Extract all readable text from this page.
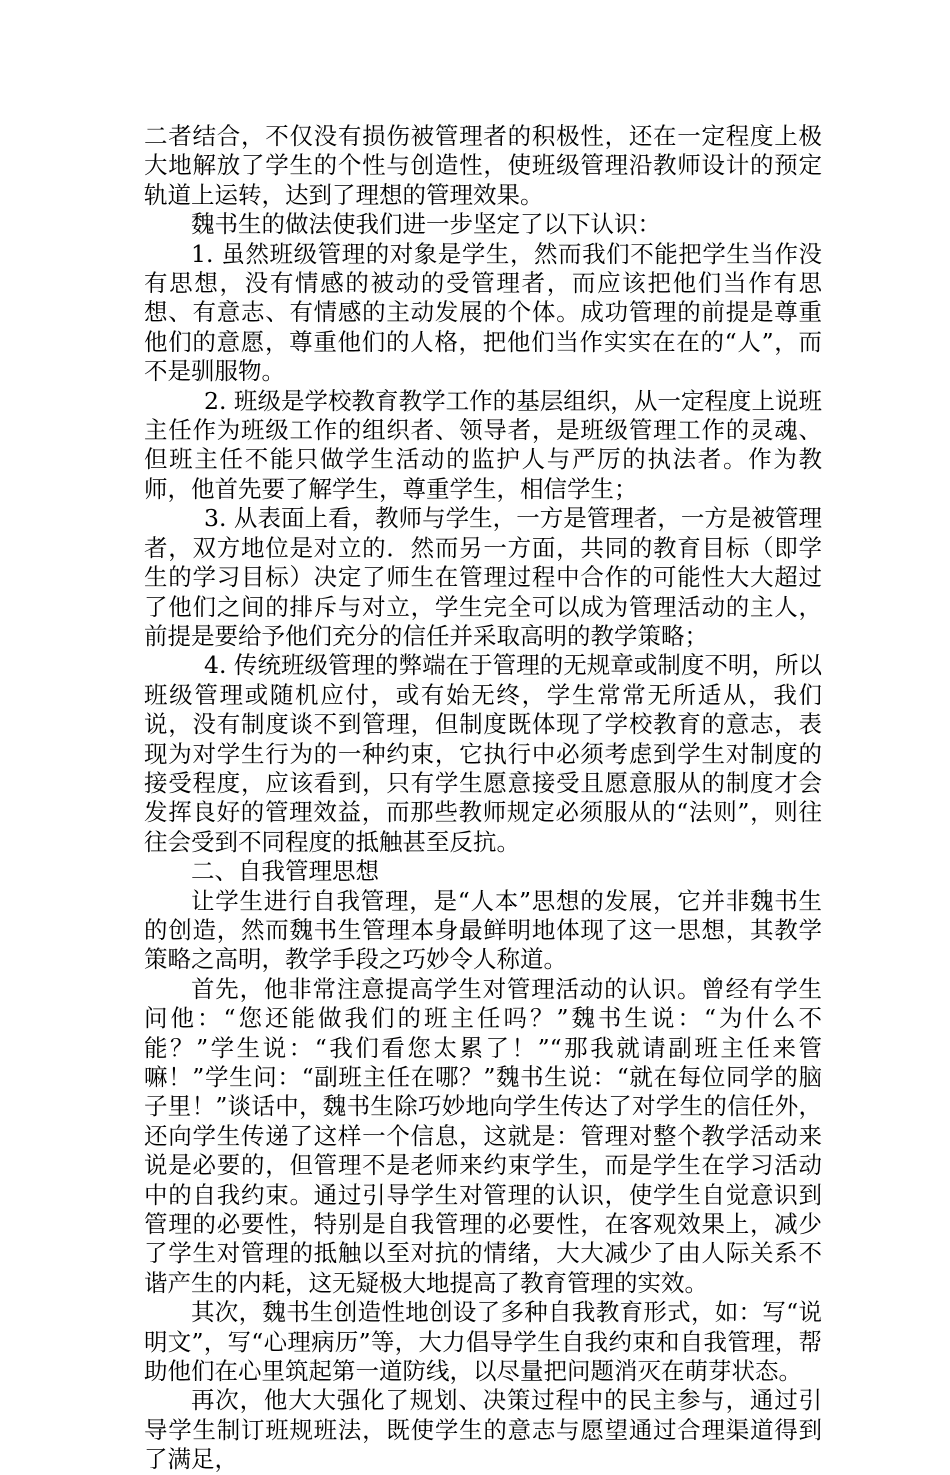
二者结合，不仅没有损伤被管理者的积极性，还在一定程度上极大地解放了学生的个性与创造性，使班级管理沿教师设计的预定轨道上运转，达到了理想的管理效果。

魏书生的做法使我们进一步坚定了以下认识：

1. 虽然班级管理的对象是学生，然而我们不能把学生当作没有思想，没有情感的被动的受管理者，而应该把他们当作有思想、有意志、有情感的主动发展的个体。成功管理的前提是尊重他们的意愿，尊重他们的人格，把他们当作实实在在的“人”，而不是驯服物。

2. 班级是学校教育教学工作的基层组织，从一定程度上说班主任作为班级工作的组织者、领导者，是班级管理工作的灵魂、但班主任不能只做学生活动的监护人与严厉的执法者。作为教师，他首先要了解学生，尊重学生，相信学生；

3. 从表面上看，教师与学生，一方是管理者，一方是被管理者，双方地位是对立的．然而另一方面，共同的教育目标（即学生的学习目标）决定了师生在管理过程中合作的可能性大大超过了他们之间的排斥与对立，学生完全可以成为管理活动的主人，前提是要给予他们充分的信任并采取高明的教学策略；

4. 传统班级管理的弊端在于管理的无规章或制度不明，所以班级管理或随机应付，或有始无终，学生常常无所适从，我们说，没有制度谈不到管理，但制度既体现了学校教育的意志，表现为对学生行为的一种约束，它执行中必须考虑到学生对制度的接受程度，应该看到，只有学生愿意接受且愿意服从的制度才会发挥良好的管理效益，而那些教师规定必须服从的“法则”，则往往会受到不同程度的抵触甚至反抗。

二、自我管理思想

让学生进行自我管理，是“人本”思想的发展，它并非魏书生的创造，然而魏书生管理本身最鲜明地体现了这一思想，其教学策略之高明，教学手段之巧妙令人称道。

首先，他非常注意提高学生对管理活动的认识。曾经有学生问他：“您还能做我们的班主任吗？”魏书生说：“为什么不能？”学生说：“我们看您太累了！”“那我就请副班主任来管嘛！”学生问：“副班主任在哪？”魏书生说：“就在每位同学的脑子里！”谈话中，魏书生除巧妙地向学生传达了对学生的信任外，还向学生传递了这样一个信息，这就是：管理对整个教学活动来说是必要的，但管理不是老师来约束学生，而是学生在学习活动中的自我约束。通过引导学生对管理的认识，使学生自觉意识到管理的必要性，特别是自我管理的必要性，在客观效果上，减少了学生对管理的抵触以至对抗的情绪，大大减少了由人际关系不谐产生的内耗，这无疑极大地提高了教育管理的实效。

其次，魏书生创造性地创设了多种自我教育形式，如：写“说明文”，写“心理病历”等，大力倡导学生自我约束和自我管理，帮助他们在心里筑起第一道防线，以尽量把问题消灭在萌芽状态。

再次，他大大强化了规划、决策过程中的民主参与，通过引导学生制订班规班法，既使学生的意志与愿望通过合理渠道得到了满足，
